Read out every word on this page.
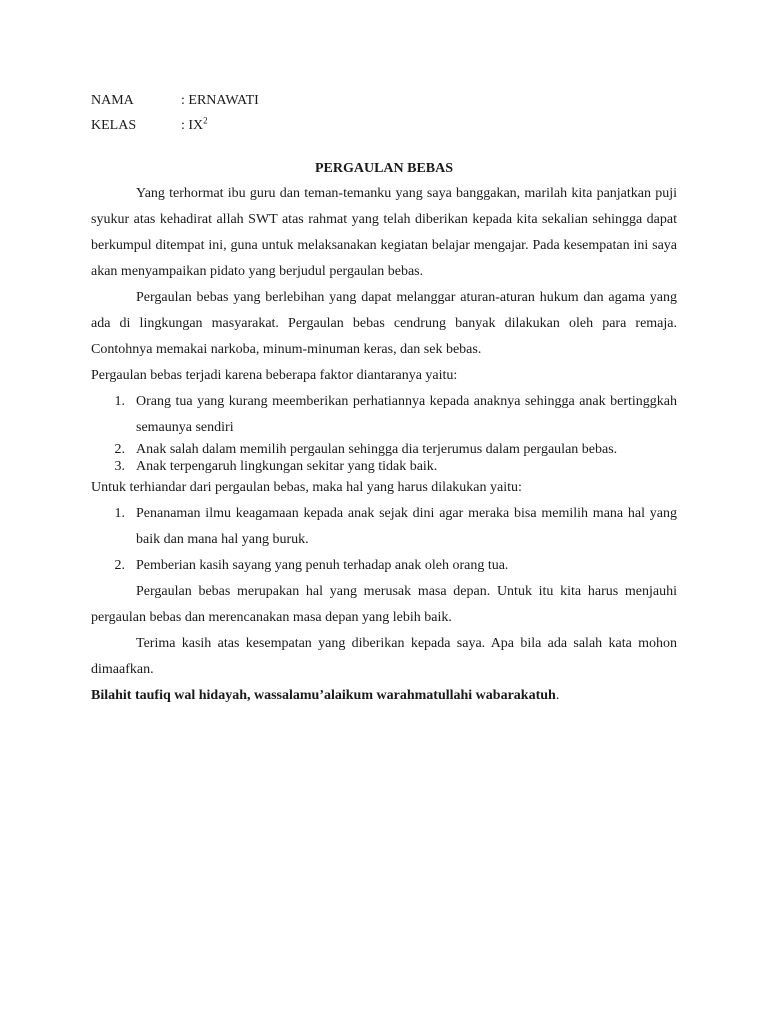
NAMA	: ERNAWATI
KELAS	: $IX^2$
PERGAULAN BEBAS

Yang terhormat ibu guru dan teman-temanku yang saya banggakan, marilah kita panjatkan puji syukur atas kehadirat allah SWT atas rahmat yang telah diberikan kepada kita sekalian sehingga dapat berkumpul ditempat ini, guna untuk melaksanakan kegiatan belajar mengajar. Pada kesempatan ini saya akan menyampaikan pidato yang berjudul pergaulan bebas.

Pergaulan bebas yang berlebihan yang dapat melanggar aturan-aturan hukum dan agama yang ada di lingkungan masyarakat. Pergaulan bebas cendrung banyak dilakukan oleh para remaja. Contohnya memakai narkoba, minum-minuman keras, dan sek bebas.

Pergaulan bebas terjadi karena beberapa faktor diantaranya yaitu:

1. Orang tua yang kurang meemberikan perhatiannya kepada anaknya sehingga anak bertinggkah semaunya sendiri
2. Anak salah dalam memilih pergaulan sehingga dia terjerumus dalam pergaulan bebas.
3. Anak terpengaruh lingkungan sekitar yang tidak baik.

Untuk terhiandar dari pergaulan bebas, maka hal yang harus dilakukan yaitu:

1. Penanaman ilmu keagamaan kepada anak sejak dini agar meraka bisa memilih mana hal yang baik dan mana hal yang buruk.
2. Pemberian kasih sayang yang penuh terhadap anak oleh orang tua.

Pergaulan bebas merupakan hal yang merusak masa depan. Untuk itu kita harus menjauhi pergaulan bebas dan merencanakan masa depan yang lebih baik.

Terima kasih atas kesempatan yang diberikan kepada saya. Apa bila ada salah kata mohon dimaafkan.

Bilahit taufiq wal hidayah, wassalamu’alaikum warahmatullahi wabarakatuh.
